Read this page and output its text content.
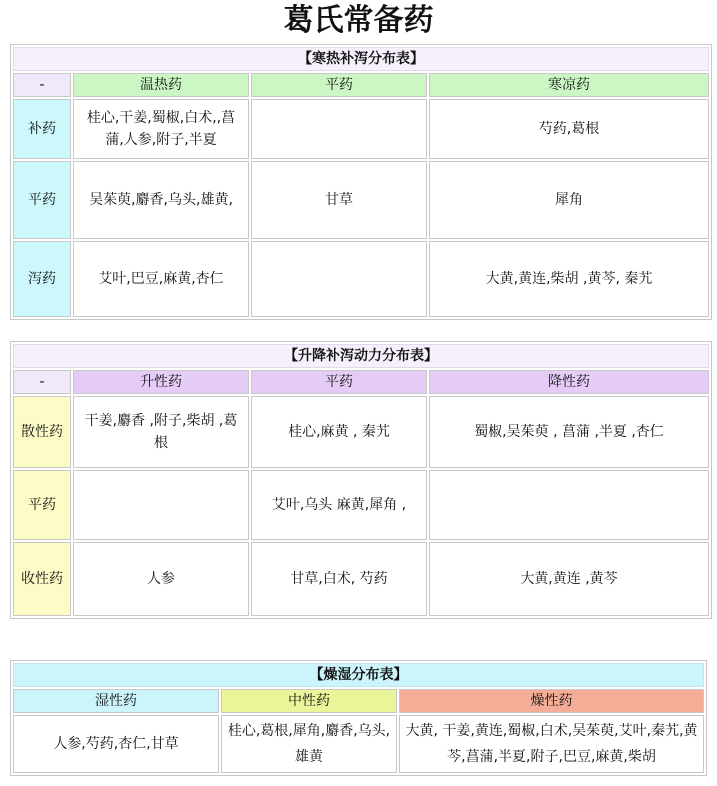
葛氏常备药
【寒热补泻分布表】			
-	温热药	平药	寒凉药
补药	桂心,干姜,蜀椒,白术,,菖蒲,人参,附子,半夏		芍药,葛根
平药	吴茱萸,麝香,乌头,雄黄,	甘草	犀角
泻药	艾叶,巴豆,麻黄,杏仁		大黄,黄连,柴胡 ,黄芩, 秦艽
【升降补泻动力分布表】			
-	升性药	平药	降性药
散性药	干姜,麝香 ,附子,柴胡 ,葛根	桂心,麻黄 , 秦艽	蜀椒,吴茱萸 , 菖蒲 ,半夏 ,杏仁
平药		艾叶,乌头 麻黄,犀角 ,	
收性药	人参	甘草,白术, 芍药	大黄,黄连 ,黄芩
【燥湿分布表】		
湿性药	中性药	燥性药
人参,芍药,杏仁,甘草	桂心,葛根,犀角,麝香,乌头,雄黄	大黄, 干姜,黄连,蜀椒,白术,吴茱萸,艾叶,秦艽,黄芩,菖蒲,半夏,附子,巴豆,麻黄,柴胡
